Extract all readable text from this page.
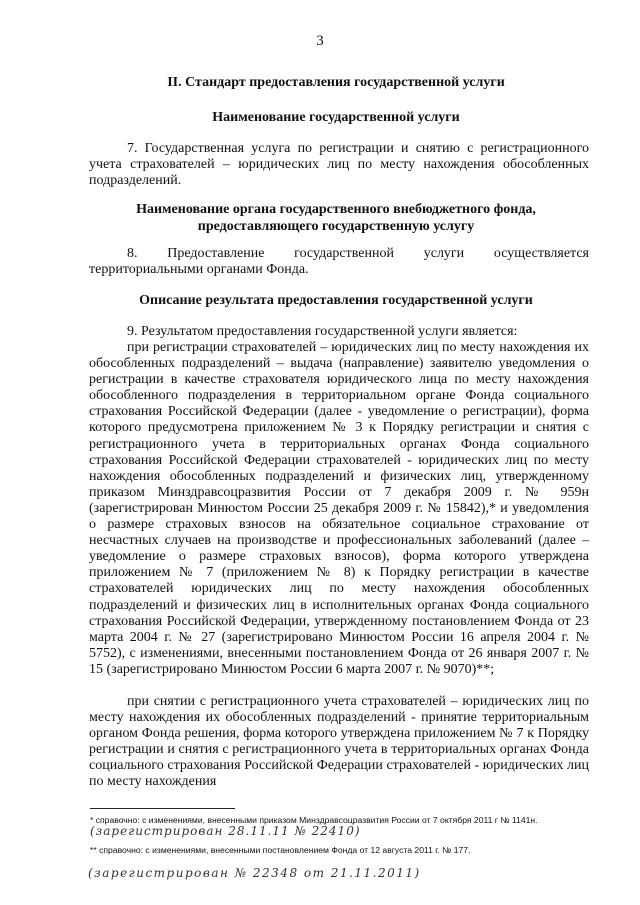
3
II. Стандарт предоставления государственной услуги
Наименование государственной услуги
7. Государственная услуга по регистрации и снятию с регистрационного учета страхователей – юридических лиц по месту нахождения обособленных подразделений.
Наименование органа государственного внебюджетного фонда, предоставляющего государственную услугу
8. Предоставление государственной услуги осуществляется территориальными органами Фонда.
Описание результата предоставления государственной услуги
9. Результатом предоставления государственной услуги является:
при регистрации страхователей – юридических лиц по месту нахождения их обособленных подразделений – выдача (направление) заявителю уведомления о регистрации в качестве страхователя юридического лица по месту нахождения обособленного подразделения в территориальном органе Фонда социального страхования Российской Федерации (далее - уведомление о регистрации), форма которого предусмотрена приложением № 3 к Порядку регистрации и снятия с регистрационного учета в территориальных органах Фонда социального страхования Российской Федерации страхователей - юридических лиц по месту нахождения обособленных подразделений и физических лиц, утвержденному приказом Минздравсоцразвития России от 7 декабря 2009 г. № 959н (зарегистрирован Минюстом России 25 декабря 2009 г. № 15842),* и уведомления о размере страховых взносов на обязательное социальное страхование от несчастных случаев на производстве и профессиональных заболеваний (далее – уведомление о размере страховых взносов), форма которого утверждена приложением № 7 (приложением № 8) к Порядку регистрации в качестве страхователей юридических лиц по месту нахождения обособленных подразделений и физических лиц в исполнительных органах Фонда социального страхования Российской Федерации, утвержденному постановлением Фонда от 23 марта 2004 г. № 27 (зарегистрировано Минюстом России 16 апреля 2004 г. № 5752), с изменениями, внесенными постановлением Фонда от 26 января 2007 г. № 15 (зарегистрировано Минюстом России 6 марта 2007 г. № 9070)**;
при снятии с регистрационного учета страхователей – юридических лиц по месту нахождения их обособленных подразделений - принятие территориальным органом Фонда решения, форма которого утверждена приложением № 7 к Порядку регистрации и снятия с регистрационного учета в территориальных органах Фонда социального страхования Российской Федерации страхователей - юридических лиц по месту нахождения
* справочно: с изменениями, внесенными приказом Минздравсоцразвития России от 7 октября 2011 г № 1141н. (зарегистрирован 28.11.11 № 22410)
** справочно: с изменениями, внесенными постановлением Фонда от 12 августа 2011 г. № 177.
(зарегистрирован № 22348 от 21.11.2011)
